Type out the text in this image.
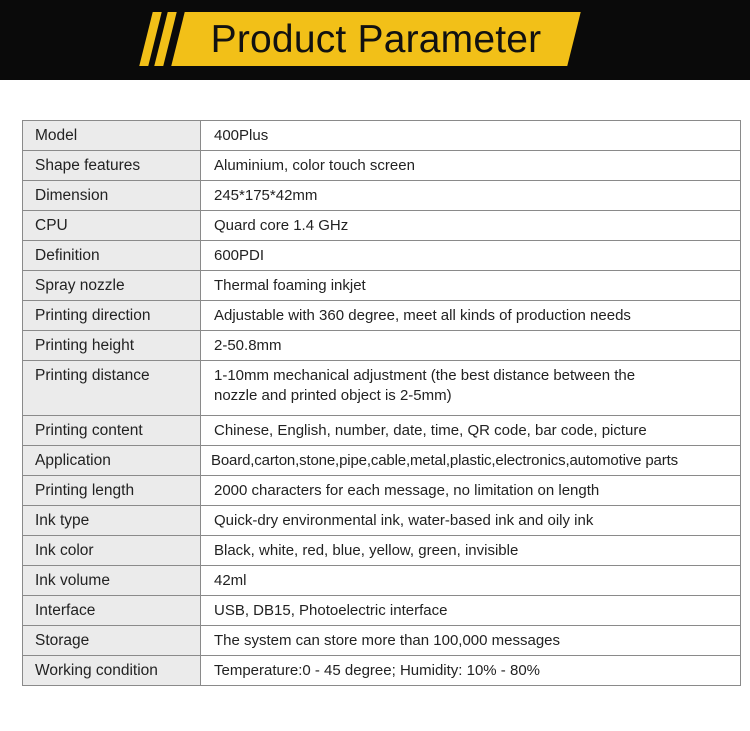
Product Parameter
Model	400Plus
Shape features	Aluminium, color touch screen
Dimension	245*175*42mm
CPU	Quard core 1.4 GHz
Definition	600PDI
Spray nozzle	Thermal foaming inkjet
Printing direction	Adjustable with 360 degree, meet all kinds of production needs
Printing height	2-50.8mm
Printing distance	1-10mm mechanical adjustment (the best distance between the
nozzle and printed object is 2-5mm)

Printing content	Chinese, English, number, date, time, QR code, bar code, picture
Application	Board,carton,stone,pipe,cable,metal,plastic,electronics,automotive parts
Printing length	2000 characters for each message, no limitation on length
Ink type	Quick-dry environmental ink, water-based ink and oily ink
Ink color	Black, white, red, blue, yellow, green, invisible
Ink volume	42ml
Interface	USB, DB15, Photoelectric interface
Storage	The system can store more than 100,000 messages
Working condition	Temperature:0 - 45 degree; Humidity: 10% - 80%
